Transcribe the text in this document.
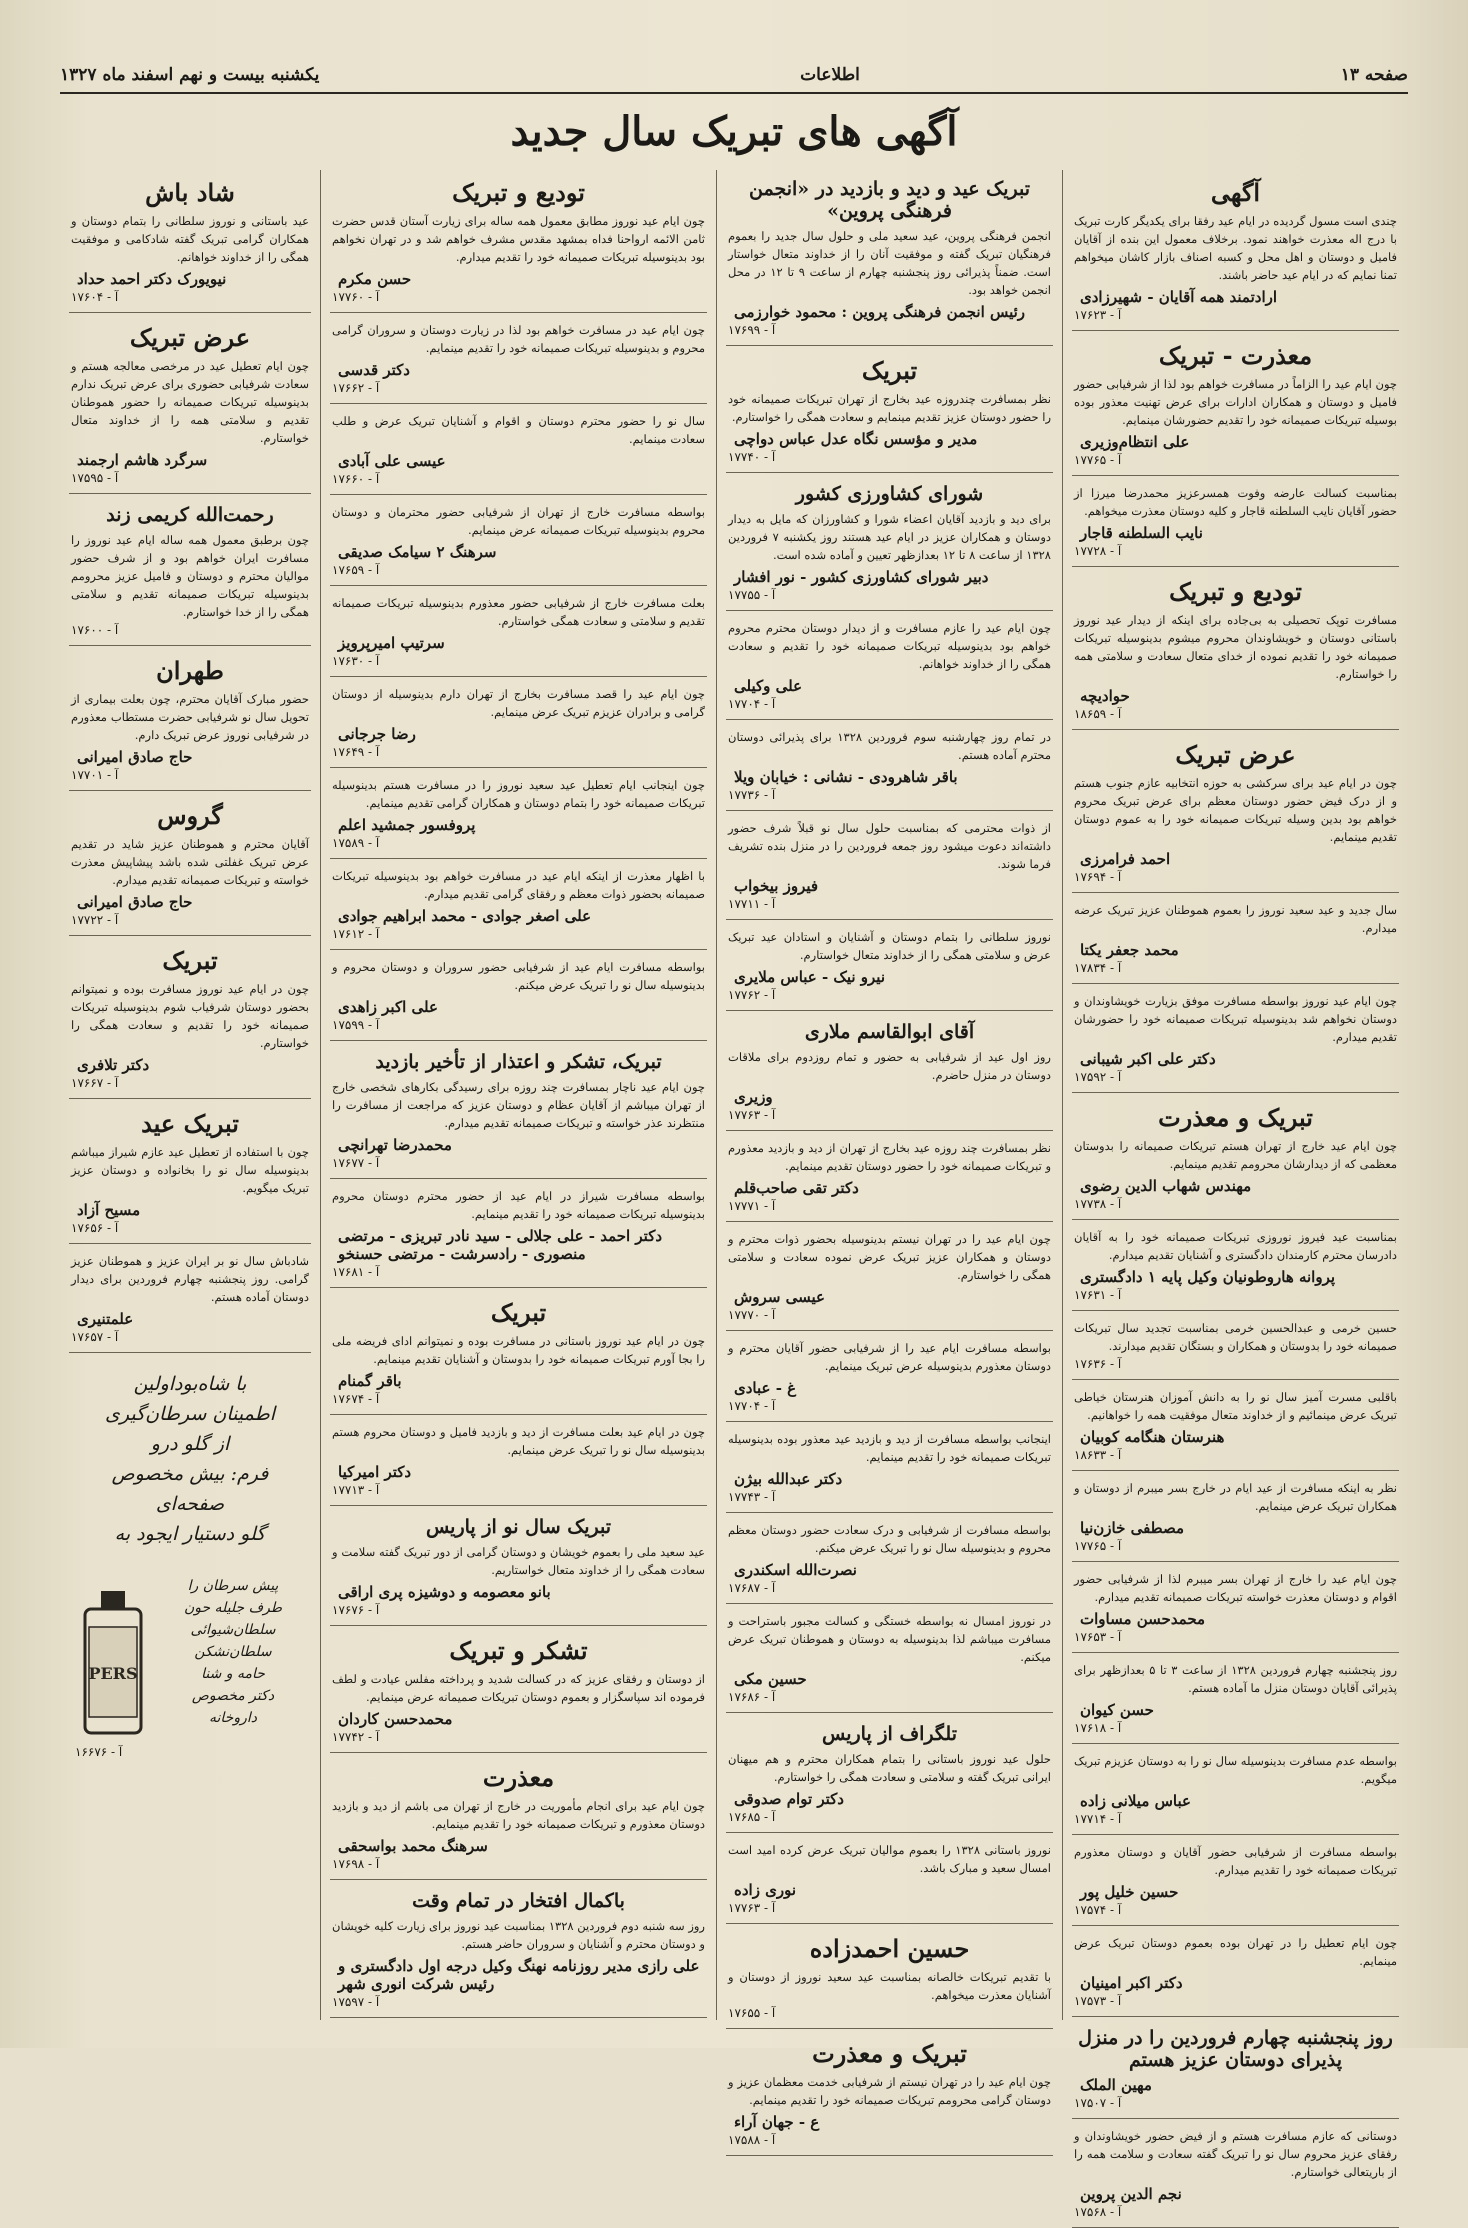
صفحه ۱۳
اطلاعات
یکشنبه بیست و نهم اسفند ماه ۱۳۲۷
آگهی های تبریک سال جدید
آگهی
چندی است مسول گردیده در ایام عید رفقا برای یکدیگر کارت تبریک با درج اله معذرت خواهند نمود. برخلاف معمول این بنده از آقایان فامیل و دوستان و اهل محل و کسبه اصناف بازار کاشان میخواهم تمنا نمایم که در ایام عید حاضر باشند.
ارادتمند همه آقایان - شهیرزادی
۱۷۶۲۳ - آ
معذرت - تبریک
چون ایام عید را الزاماً در مسافرت خواهم بود لذا از شرفیابی حضور فامیل و دوستان و همکاران ادارات برای عرض تهنیت معذور بوده بوسیله تبریکات صمیمانه خود را تقدیم حضورشان مینمایم.
علی انتظام‌وزیری
۱۷۷۶۵ - آ
بمناسبت کسالت عارضه وفوت همسرعزیز محمدرضا میرزا از حضور آقایان نایب السلطنه قاجار و کلیه دوستان معذرت میخواهم.
نایب السلطنه قاجار
۱۷۷۲۸ - آ
تودیع و تبریک
مسافرت توپک تحصیلی به بی‌جاده برای اینکه از دیدار عید نوروز باستانی دوستان و خویشاوندان محروم میشوم بدینوسیله تبریکات صمیمانه خود را تقدیم نموده از خدای متعال سعادت و سلامتی همه را خواستارم.
حوادیچه
۱۸۶۵۹ - آ
عرض تبریک
چون در ایام عید برای سرکشی به حوزه انتخابیه عازم جنوب هستم و از درک فیض حضور دوستان معظم برای عرض تبریک محروم خواهم بود بدین وسیله تبریکات صمیمانه خود را به عموم دوستان تقدیم مینمایم.
احمد فرامرزی
۱۷۶۹۴ - آ
سال جدید و عید سعید نوروز را بعموم هموطنان عزیز تبریک عرضه میدارم.
محمد جعفر یکتا
۱۷۸۳۴ - آ
چون ایام عید نوروز بواسطه مسافرت موفق بزیارت خویشاوندان و دوستان نخواهم شد بدینوسیله تبریکات صمیمانه خود را حضورشان تقدیم میدارم.
دکتر علی اکبر شیبانی
۱۷۵۹۲ - آ
تبریک و معذرت
چون ایام عید خارج از تهران هستم تبریکات صمیمانه را بدوستان معظمی که از دیدارشان محرومم تقدیم مینمایم.
مهندس شهاب الدین رضوی
۱۷۷۳۸ - آ
بمناسبت عید فیروز نوروزی تبریکات صمیمانه خود را به آقایان دادرسان محترم کارمندان دادگستری و آشنایان تقدیم میدارم.
پروانه هاروطونیان وکیل پایه ۱ دادگستری
۱۷۶۳۱ - آ
حسین خرمی و عبدالحسین خرمی بمناسبت تجدید سال تبریکات صمیمانه خود را بدوستان و همکاران و بستگان تقدیم میدارند.
۱۷۶۳۶ - آ
باقلبی مسرت آمیز سال نو را به دانش آموزان هنرستان خیاطی تبریک عرض مینمائیم و از خداوند متعال موفقیت همه را خواهانیم.
هنرستان هنگامه کوبیان
۱۸۶۳۳ - آ
نظر به اینکه مسافرت از عید ایام در خارج بسر میبرم از دوستان و همکاران تبریک عرض مینمایم.
مصطفی خازن‌نیا
۱۷۷۶۵ - آ
چون ایام عید را خارج از تهران بسر میبرم لذا از شرفیابی حضور اقوام و دوستان معذرت خواسته تبریکات صمیمانه تقدیم میدارم.
محمدحسن مساوات
۱۷۶۵۳ - آ
روز پنجشنبه چهارم فروردین ۱۳۲۸ از ساعت ۳ تا ۵ بعدازظهر برای پذیرائی آقایان دوستان منزل ما آماده هستم.
حسن کیوان
۱۷۶۱۸ - آ
بواسطه عدم مسافرت بدینوسیله سال نو را به دوستان عزیزم تبریک میگویم.
عباس میلانی زاده
۱۷۷۱۴ - آ
بواسطه مسافرت از شرفیابی حضور آقایان و دوستان معذورم تبریکات صمیمانه خود را تقدیم میدارم.
حسین خلیل پور
۱۷۵۷۴ - آ
چون ایام تعطیل را در تهران بوده بعموم دوستان تبریک عرض مینمایم.
دکتر اکبر امینیان
۱۷۵۷۳ - آ
روز پنجشنبه چهارم فروردین را در منزل پذیرای دوستان عزیز هستم
مهین الملک
۱۷۵۰۷ - آ
دوستانی که عازم مسافرت هستم و از فیض حضور خویشاوندان و رفقای عزیز محروم سال نو را تبریک گفته سعادت و سلامت همه را از باریتعالی خواستارم.
نجم الدین پروین
۱۷۵۶۸ - آ
تبریک عید و دید و بازدید در «انجمن فرهنگی پروین»
انجمن فرهنگی پروین، عید سعید ملی و حلول سال جدید را بعموم فرهنگیان تبریک گفته و موفقیت آنان را از خداوند متعال خواستار است. ضمناً پذیرائی روز پنجشنبه چهارم از ساعت ۹ تا ۱۲ در محل انجمن خواهد بود.
رئیس انجمن فرهنگی پروین : محمود خوارزمی
۱۷۶۹۹ - آ
تبریک
نظر بمسافرت چندروزه عید بخارج از تهران تبریکات صمیمانه خود را حضور دوستان عزیز تقدیم مینمایم و سعادت همگی را خواستارم.
مدیر و مؤسس نگاه عدل عباس دواچی
۱۷۷۴۰ - آ
شورای کشاورزی کشور
برای دید و بازدید آقایان اعضاء شورا و کشاورزان که مایل به دیدار دوستان و همکاران عزیز در ایام عید هستند روز یکشنبه ۷ فروردین ۱۳۲۸ از ساعت ۸ تا ۱۲ بعدازظهر تعیین و آماده شده است.
دبیر شورای کشاورزی کشور - نور افشار
۱۷۷۵۵ - آ
چون ایام عید را عازم مسافرت و از دیدار دوستان محترم محروم خواهم بود بدینوسیله تبریکات صمیمانه خود را تقدیم و سعادت همگی را از خداوند خواهانم.
علی وکیلی
۱۷۷۰۴ - آ
در تمام روز چهارشنبه سوم فروردین ۱۳۲۸ برای پذیرائی دوستان محترم آماده هستم.
باقر شاهرودی - نشانی : خیابان ویلا
۱۷۷۳۶ - آ
از ذوات محترمی که بمناسبت حلول سال نو قبلاً شرف حضور داشته‌اند دعوت میشود روز جمعه فروردین را در منزل بنده تشریف فرما شوند.
فیروز بیخواب
۱۷۷۱۱ - آ
نوروز سلطانی را بتمام دوستان و آشنایان و استادان عید تبریک عرض و سلامتی همگی را از خداوند متعال خواستارم.
نیرو نیک - عباس ملایری
۱۷۷۶۲ - آ
آقای ابوالقاسم ملاری
روز اول عید از شرفیابی به حضور و تمام روزدوم برای ملاقات دوستان در منزل حاضرم.
وزیری
۱۷۷۶۳ - آ
نظر بمسافرت چند روزه عید بخارج از تهران از دید و بازدید معذورم و تبریکات صمیمانه خود را حضور دوستان تقدیم مینمایم.
دکتر تقی صاحب‌قلم
۱۷۷۷۱ - آ
چون ایام عید را در تهران نیستم بدینوسیله بحضور ذوات محترم و دوستان و همکاران عزیز تبریک عرض نموده سعادت و سلامتی همگی را خواستارم.
عیسی سروش
۱۷۷۷۰ - آ
بواسطه مسافرت ایام عید را از شرفیابی حضور آقایان محترم و دوستان معذورم بدینوسیله عرض تبریک مینمایم.
غ - عبادی
۱۷۷۰۴ - آ
اینجانب بواسطه مسافرت از دید و بازدید عید معذور بوده بدینوسیله تبریکات صمیمانه خود را تقدیم مینمایم.
دکتر عبدالله بیژن
۱۷۷۴۳ - آ
بواسطه مسافرت از شرفیابی و درک سعادت حضور دوستان معظم محروم و بدینوسیله سال نو را تبریک عرض میکنم.
نصرت‌الله اسکندری
۱۷۶۸۷ - آ
در نوروز امسال نه بواسطه خستگی و کسالت مجبور باستراحت و مسافرت میباشم لذا بدینوسیله به دوستان و هموطنان تبریک عرض میکنم.
حسین مکی
۱۷۶۸۶ - آ
تلگراف از پاریس
حلول عید نوروز باستانی را بتمام همکاران محترم و هم میهنان ایرانی تبریک گفته و سلامتی و سعادت همگی را خواستارم.
دکتر توام صدوقی
۱۷۶۸۵ - آ
نوروز باستانی ۱۳۲۸ را بعموم موالیان تبریک عرض کرده امید است امسال سعید و مبارک باشد.
نوری زاده
۱۷۷۶۳ - آ
حسین احمدزاده
با تقدیم تبریکات خالصانه بمناسبت عید سعید نوروز از دوستان و آشنایان معذرت میخواهم.
۱۷۶۵۵ - آ
تبریک و معذرت
چون ایام عید را در تهران نیستم از شرفیابی خدمت معظمان عزیز و دوستان گرامی محرومم تبریکات صمیمانه خود را تقدیم مینمایم.
ع - جهان آراء
۱۷۵۸۸ - آ
تودیع و تبریک
چون ایام عید نوروز مطابق معمول همه ساله برای زیارت آستان قدس حضرت ثامن الائمه ارواحنا فداه بمشهد مقدس مشرف خواهم شد و در تهران نخواهم بود بدینوسیله تبریکات صمیمانه خود را تقدیم میدارم.
حسن مکرم
۱۷۷۶۰ - آ
چون ایام عید در مسافرت خواهم بود لذا در زیارت دوستان و سروران گرامی محروم و بدینوسیله تبریکات صمیمانه خود را تقدیم مینمایم.
دکتر قدسی
۱۷۶۶۲ - آ
سال نو را حضور محترم دوستان و اقوام و آشنایان تبریک عرض و طلب سعادت مینمایم.
عیسی علی آبادی
۱۷۶۶۰ - آ
بواسطه مسافرت خارج از تهران از شرفیابی حضور محترمان و دوستان محروم بدینوسیله تبریکات صمیمانه عرض مینمایم.
سرهنگ ۲ سیامک صدیقی
۱۷۶۵۹ - آ
بعلت مسافرت خارج از شرفیابی حضور معذورم بدینوسیله تبریکات صمیمانه تقدیم و سلامتی و سعادت همگی خواستارم.
سرتیپ امیرپرویز
۱۷۶۳۰ - آ
چون ایام عید را قصد مسافرت بخارج از تهران دارم بدینوسیله از دوستان گرامی و برادران عزیزم تبریک عرض مینمایم.
رضا جرجانی
۱۷۶۴۹ - آ
چون اینجانب ایام تعطیل عید سعید نوروز را در مسافرت هستم بدینوسیله تبریکات صمیمانه خود را بتمام دوستان و همکاران گرامی تقدیم مینمایم.
پروفسور جمشید اعلم
۱۷۵۸۹ - آ
با اظهار معذرت از اینکه ایام عید در مسافرت خواهم بود بدینوسیله تبریکات صمیمانه بحضور ذوات معظم و رفقای گرامی تقدیم میدارم.
علی اصغر جوادی - محمد ابراهیم جوادی
۱۷۶۱۲ - آ
بواسطه مسافرت ایام عید از شرفیابی حضور سروران و دوستان محروم و بدینوسیله سال نو را تبریک عرض میکنم.
علی اکبر زاهدی
۱۷۵۹۹ - آ
تبریک، تشکر و اعتذار از تأخیر بازدید
چون ایام عید ناچار بمسافرت چند روزه برای رسیدگی بکارهای شخصی خارج از تهران میباشم از آقایان عظام و دوستان عزیز که مراجعت از مسافرت را منتظرند عذر خواسته و تبریکات صمیمانه تقدیم میدارم.
محمدرضا تهرانچی
۱۷۶۷۷ - آ
بواسطه مسافرت شیراز در ایام عید از حضور محترم دوستان محروم بدینوسیله تبریکات صمیمانه خود را تقدیم مینمایم.
دکتر احمد - علی جلالی - سید نادر تبریزی - مرتضی منصوری - رادسرشت - مرتضی حسنخو
۱۷۶۸۱ - آ
تبریک
چون در ایام عید نوروز باستانی در مسافرت بوده و نمیتوانم ادای فریضه ملی را بجا آورم تبریکات صمیمانه خود را بدوستان و آشنایان تقدیم مینمایم.
باقر گمنام
۱۷۶۷۴ - آ
چون در ایام عید بعلت مسافرت از دید و بازدید فامیل و دوستان محروم هستم بدینوسیله سال نو را تبریک عرض مینمایم.
دکتر امیرکیا
۱۷۷۱۳ - آ
تبریک سال نو از پاریس
عید سعید ملی را بعموم خویشان و دوستان گرامی از دور تبریک گفته سلامت و سعادت همگی را از خداوند متعال خواستاریم.
بانو معصومه و دوشیزه پری اراقی
۱۷۶۷۶ - آ
تشکر و تبریک
از دوستان و رفقای عزیز که در کسالت شدید و پرداخته مفلس عیادت و لطف فرموده اند سپاسگزار و بعموم دوستان تبریکات صمیمانه عرض مینمایم.
محمدحسن کاردان
۱۷۷۴۲ - آ
معذرت
چون ایام عید برای انجام مأموریت در خارج از تهران می باشم از دید و بازدید دوستان معذورم و تبریکات صمیمانه خود را تقدیم مینمایم.
سرهنگ محمد بواسحقی
۱۷۶۹۸ - آ
باکمال افتخار در تمام وقت
روز سه شنبه دوم فروردین ۱۳۲۸ بمناسبت عید نوروز برای زیارت کلیه خویشان و دوستان محترم و آشنایان و سروران حاضر هستم.
علی رازی مدیر روزنامه نهنگ وکیل درجه اول دادگستری و رئیس شرکت انوری شهر
۱۷۵۹۷ - آ
شاد باش
عید باستانی و نوروز سلطانی را بتمام دوستان و همکاران گرامی تبریک گفته شادکامی و موفقیت همگی را از خداوند خواهانم.
نیویورک دکتر احمد حداد
۱۷۶۰۴ - آ
عرض تبریک
چون ایام تعطیل عید در مرخصی معالجه هستم و سعادت شرفیابی حضوری برای عرض تبریک ندارم بدینوسیله تبریکات صمیمانه را حضور هموطنان تقدیم و سلامتی همه را از خداوند متعال خواستارم.
سرگرد هاشم ارجمند
۱۷۵۹۵ - آ
رحمت‌الله کریمی زند
چون برطبق معمول همه ساله ایام عید نوروز را مسافرت ایران خواهم بود و از شرف حضور موالیان محترم و دوستان و فامیل عزیز محرومم بدینوسیله تبریکات صمیمانه تقدیم و سلامتی همگی را از خدا خواستارم.
۱۷۶۰۰ - آ
طهران
حضور مبارک آقایان محترم، چون بعلت بیماری از تحویل سال نو شرفیابی حضرت مستطاب معذورم در شرفیابی نوروز عرض تبریک دارم.
حاج صادق امیرانی
۱۷۷۰۱ - آ
گروس
آقایان محترم و هموطنان عزیز شاید در تقدیم عرض تبریک غفلتی شده باشد پیشاپیش معذرت خواسته و تبریکات صمیمانه تقدیم میدارم.
حاج صادق امیرانی
۱۷۷۲۲ - آ
تبریک
چون در ایام عید نوروز مسافرت بوده و نمیتوانم بحضور دوستان شرفیاب شوم بدینوسیله تبریکات صمیمانه خود را تقدیم و سعادت همگی را خواستارم.
دکتر تلافری
۱۷۶۶۷ - آ
تبریک عید
چون با استفاده از تعطیل عید عازم شیراز میباشم بدینوسیله سال نو را بخانواده و دوستان عزیز تبریک میگویم.
مسیح آزاد
۱۷۶۵۶ - آ
شادباش سال نو بر ایران عزیز و هموطنان عزیز گرامی. روز پنجشنبه چهارم فروردین برای دیدار دوستان آماده هستم.
علمتنیری
۱۷۶۵۷ - آ
با شاه‌بوداولین
اطمینان سرطان‌گیری
از گلو درو
فرم: بیش مخصوص
صفحه‌ای
گلو دستیار ایجود به
پیش سرطان را
طرف جلیله حون
سلطان‌شیوائی
سلطان‌نشکن
حامه و شنا
دکتر مخصوص
داروخانه
PERS
۱۶۶۷۶ - آ
